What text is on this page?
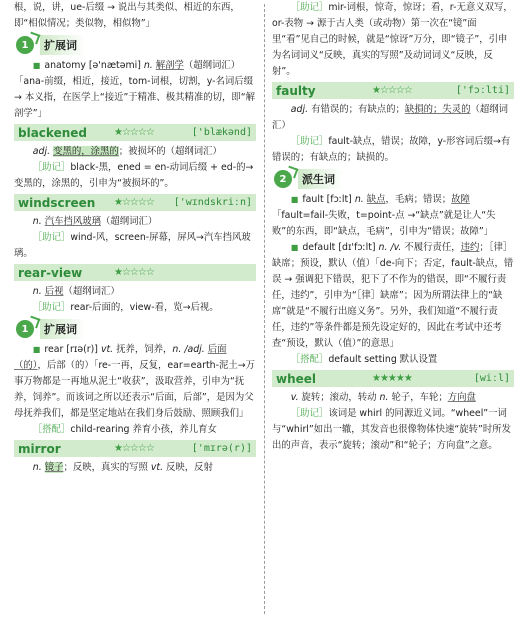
根，说，讲，ue-后缀 → 说出与其类似、相近的东西，即“相似情况；类似物，相似物”」

1	扩展词

■ anatomy [ə'nætəmi] n. 解剖学（超纲词汇）「ana-前缀，相近，接近，tom-词根，切割，y-名词后缀 → 本义指，在医学上“接近”于精准、极其精准的切，即“解剖学”」

blackened	★☆☆☆☆	['blækənd]

adj. 变黑的，涂黑的；被损坏的（超纲词汇）

［助记］black-黑，ened = en-动词后缀 + ed-的→变黑的，涂黑的，引申为“被损坏的”。

windscreen	★☆☆☆☆	['wɪndskriːn]

n. 汽车挡风玻璃（超纲词汇）

［助记］wind-风，screen-屏幕，屏风→汽车挡风玻璃。

rear-view	★☆☆☆☆

n. 后视（超纲词汇）

［助记］rear-后面的，view-看，览→后视。

1	扩展词

■ rear [rɪə(r)] vt. 抚养，饲养，n. /adj. 后面（的），后部（的）「re-一再，反复，ear=earth-泥土→万事万物都是一再地从泥土“收获”，汲取营养，引申为“抚养，饲养”。而该词之所以还表示“后面，后部”，是因为父母抚养我们，都是坚定地站在我们身后鼓励、照顾我们」

［搭配］child-rearing 养育小孩，养儿育女

mirror	★☆☆☆☆	['mɪrə(r)]

n. 镜子；反映，真实的写照 vt. 反映，反射

［助记］mir-词根，惊奇，惊讶；看，r-无意义双写，or-表物 → 源于古人类（或动物）第一次在“镜”面里“看”见自己的时候，就是“惊讶”万分，即“镜子”，引申为名词词义“反映，真实的写照”及动词词义“反映，反射”。

faulty	★☆☆☆☆	['fɔːlti]

adj. 有错误的；有缺点的；缺損的；失灵的（超纲词汇）

［助记］fault-缺点，错误；故障，y-形容词后缀→有错误的；有缺点的；缺损的。

2	派生词

■ fault [fɔːlt] n. 缺点，毛病；错误；故障「fault=fail-失败，t=point-点 →“缺点”就是让人“失败”的东西，即“缺点，毛病”，引申为“错误；故障”」

■ default [dɪ'fɔːlt] n. /v. 不履行责任，违约；［律］缺席；预设，默认（值）「de-向下；否定，fault-缺点，错误 → 强调犯下错误，犯下了不作为的错误，即“不履行责任，违约”，引申为“［律］缺席”；因为所谓法律上的“缺席”就是“不履行出庭义务”。另外，我们知道“不履行责任，违约”等条件都是预先设定好的，因此在考试中还考查“预设，默认（值）”的意思」

［搭配］default setting 默认设置

wheel	★★★★★	[wiːl]

v. 旋转；滚动，转动 n. 轮子，车轮；方向盘

［助记］该词是 whirl 的同源近义词。“wheel”一词与“whirl”如出一辙，其发音也很像物体快速“旋转”时所发出的声音，表示“旋转；滚动”和“轮子；方向盘”之意。
